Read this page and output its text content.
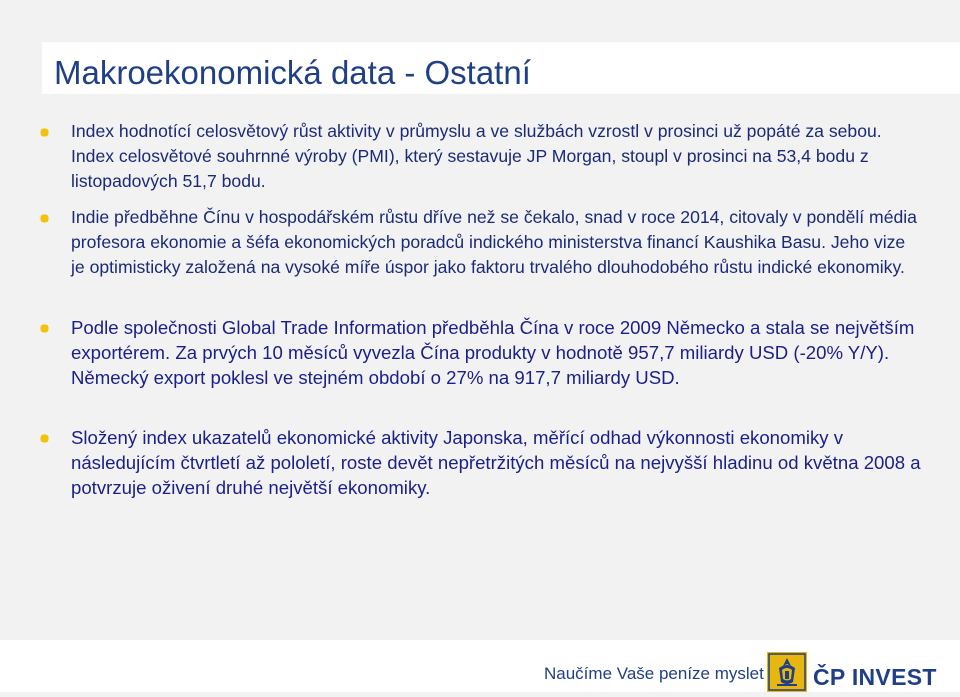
Makroekonomická data - Ostatní

Index hodnotící celosvětový růst aktivity v průmyslu a ve službách vzrostl v prosinci už popáté za sebou. Index celosvětové souhrnné výroby (PMI), který sestavuje JP Morgan, stoupl v prosinci na 53,4 bodu z listopadových 51,7 bodu.

Indie předběhne Čínu v hospodářském růstu dříve než se čekalo, snad v roce 2014, citovaly v pondělí média profesora ekonomie a šéfa ekonomických poradců indického ministerstva financí Kaushika Basu. Jeho vize je optimisticky založená na vysoké míře úspor jako faktoru trvalého dlouhodobého růstu indické ekonomiky.

Podle společnosti Global Trade Information předběhla Čína v roce 2009 Německo a stala se největším exportérem. Za prvých 10 měsíců vyvezla Čína produkty v hodnotě 957,7 miliardy USD (-20% Y/Y). Německý export poklesl ve stejném období o 27% na 917,7 miliardy USD.

Složený index ukazatelů ekonomické aktivity Japonska, měřící odhad výkonnosti ekonomiky v následujícím čtvrtletí až pololetí, roste devět nepřetržitých měsíců na nejvyšší hladinu od května 2008 a potvrzuje oživení druhé největší ekonomiky.

Naučíme Vaše peníze myslet ČP INVEST
